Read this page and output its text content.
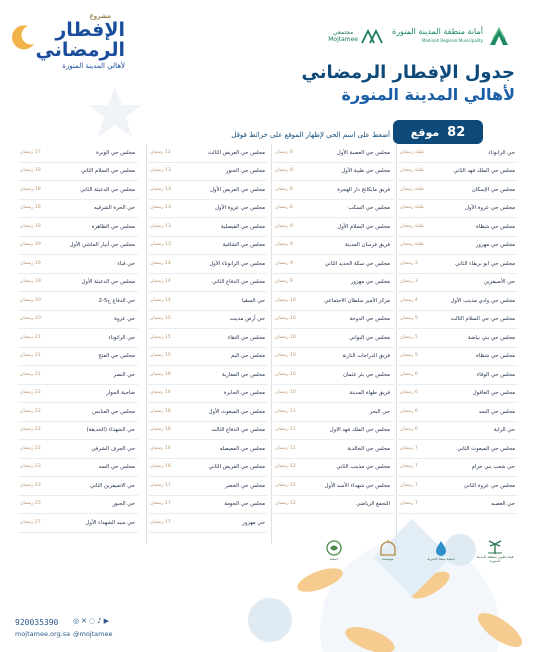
أمانة منطقة المدينة المنورة
Madinah Regional Municipality
مجتمعي
Mojtamee
مشروع
الإفطار
الرمضاني
لأهالي المدينة المنورة	جدول الإفطار الرمضاني
لأهالي المدينة المنورة
82
موقع
أضغط على اسم الحي لإظهار الموقع على خرائط قوقل
مجلس حي الوبرة
17 رمضان
مجلس حي السلام الثاني
18 رمضان
مجلس حي الدعيثة الثاني
18 رمضان
حي الحرة الشرقيه
18 رمضان
مجلس حي الظاهرة
18 رمضان
مجلس حي أبيار الماشي الأول
19 رمضان
حي قباء
19 رمضان
مجلس حي الدعيثة الأول
19 رمضان
حي الدفاع ح5-2
20 رمضان
حي عروة
20 رمضان
حي الرانوناء
21 رمضان
مجلس حي الفتح
21 رمضان
حي النصر
21 رمضان
ضاحية الجوار
22 رمضان
مجلس حي العنابس
22 رمضان
حي الشهداء (الحديقة)
22 رمضان
حي الجرف الشرقي
22 رمضان
مجلس حي السد
23 رمضان
حي الاصيفرين الثاني
23 رمضان
حي الجبور
25 رمضان
حي سيد الشهداء الأول
27 رمضان
مجلس حي العريض الثالث
12 رمضان
مجلس حي الجبور
13 رمضان
مجلس حي العريض الأول
13 رمضان
مجلس حي عروة الأول
13 رمضان
مجلس حي الفيصلية
13 رمضان
مجلس حي الشافية
13 رمضان
مجلس حي الرانوناء الأول
14 رمضان
مجلس حي الدفاع الثاني
14 رمضان
حي السقيا
14 رمضان
حي أرض مدينت
15 رمضان
مجلس حي النقاء
15 رمضان
مجلس حي اليم
15 رمضان
مجلس حي المغاربة
16 رمضان
مجلس حي الجابرة
16 رمضان
مجلس حي المبعوث الأول
16 رمضان
مجلس حي الدفاع الثالث
16 رمضان
مجلس حي المعيصله
16 رمضان
مجلس حي العريض الثاني
16 رمضان
مجلس حي الخضر
17 رمضان
مجلس حي الجومة
17 رمضان
حي مهزور
17 رمضان
مجلس حي العصبة الأول
8 رمضان
مجلس حي طيبة الأول
8 رمضان
فريق مايكاتج دار الهجرة
8 رمضان
مجلس حي السكب
8 رمضان
مجلس حي السلام الأول
9 رمضان
فريق فرسان المدينة
9 رمضان
مجلس حي سكة الحديد الثاني
9 رمضان
مجلس حي مهزور
9 رمضان
مركز الأمير سلطان الاجتماعي
10 رمضان
مجلس حي الدوحة
10 رمضان
مجلس حي البواني
10 رمضان
فريق الدراجات النارية
10 رمضان
مجلس حي بئر عثمان
10 رمضان
فريق طهاة المدينة
10 رمضان
حي البحر
11 رمضان
مجلس حي الملك فهد الاول
11 رمضان
مجلس حي الخالدية
11 رمضان
مجلس حي مذينب الثاني
12 رمضان
مجلس حي شهداء الأسد الأول
12 رمضان
التجمع الرياضي
12 رمضان
حي الرانوناء
طيلة رمضان
مجلس حي الملك فهد الثاني
طيلة رمضان
مجلس حي الإسكان
طيلة رمضان
مجلس حي عروة الأول
طيلة رمضان
مجلس حي شظاة
طيلة رمضان
مجلس حي مهزور
طيلة رمضان
مجلس حي ابو بريقاء الثاني
3 رمضان
حي الأصيفرين
3 رمضان
مجلس حي وادي مذينب الأول
4 رمضان
مجلس حي حي السلام الثالث
5 رمضان
مجلس حي بني بياضة
5 رمضان
مجلس حي شظاة
5 رمضان
مجلس حي الوفاء
6 رمضان
مجلس حي العاقول
6 رمضان
مجلس حي السد
6 رمضان
حي الراية
6 رمضان
مجلس حي المبعوث الثاني
7 رمضان
حي شعب بني حرام
7 رمضان
مجلس حي عروة الثاني
7 رمضان
حي العصبه
7 رمضان
هيئة تطوير منطقة المدينة المنورة
جمعية سقيا الخيرية
مؤسسة
جمعية
920035390 ◎ ✕ ◌ ♪ ▶
mojtamee.org.sa @mojtamee
